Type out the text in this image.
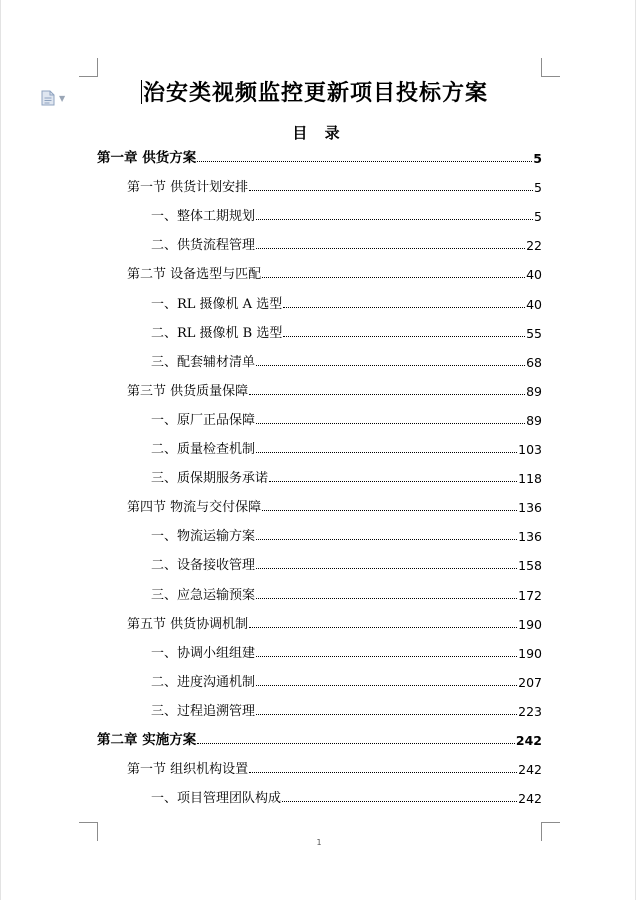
▼	治安类视频监控更新项目投标方案
目 录
第一章 供货方案	5
第一节 供货计划安排	5
一、整体工期规划	5
二、供货流程管理	22
第二节 设备选型与匹配	40
一、RL 摄像机 A 选型	40
二、RL 摄像机 B 选型	55
三、配套辅材清单	68
第三节 供货质量保障	89
一、原厂正品保障	89
二、质量检查机制	103
三、质保期服务承诺	118
第四节 物流与交付保障	136
一、物流运输方案	136
二、设备接收管理	158
三、应急运输预案	172
第五节 供货协调机制	190
一、协调小组组建	190
二、进度沟通机制	207
三、过程追溯管理	223
第二章 实施方案	242
第一节 组织机构设置	242
一、项目管理团队构成	242
1
